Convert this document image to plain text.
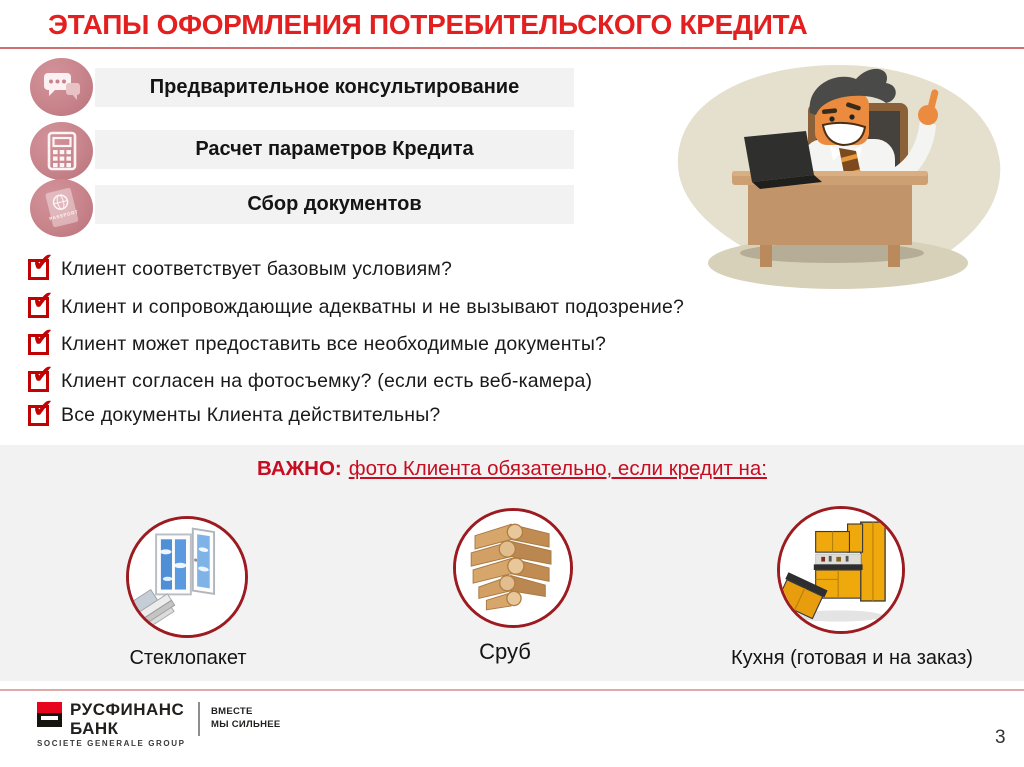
ЭТАПЫ ОФОРМЛЕНИЯ ПОТРЕБИТЕЛЬСКОГО КРЕДИТА
Предварительное консультирование
Расчет параметров Кредита
Сбор документов
PASSPORT
✔ Клиент соответствует базовым условиям?
✔ Клиент и сопровождающие адекватны и не вызывают подозрение?
✔ Клиент может предоставить все необходимые документы?
✔ Клиент согласен на фотосъемку? (если есть веб-камера)
✔ Все документы Клиента действительны?
ВАЖНО: фото Клиента обязательно, если кредит на:
Стеклопакет	Сруб	Кухня (готовая и на заказ)
РУСФИНАНС
БАНК
SOCIETE GENERALE GROUP
ВМЕСТЕ
МЫ СИЛЬНЕЕ
3
